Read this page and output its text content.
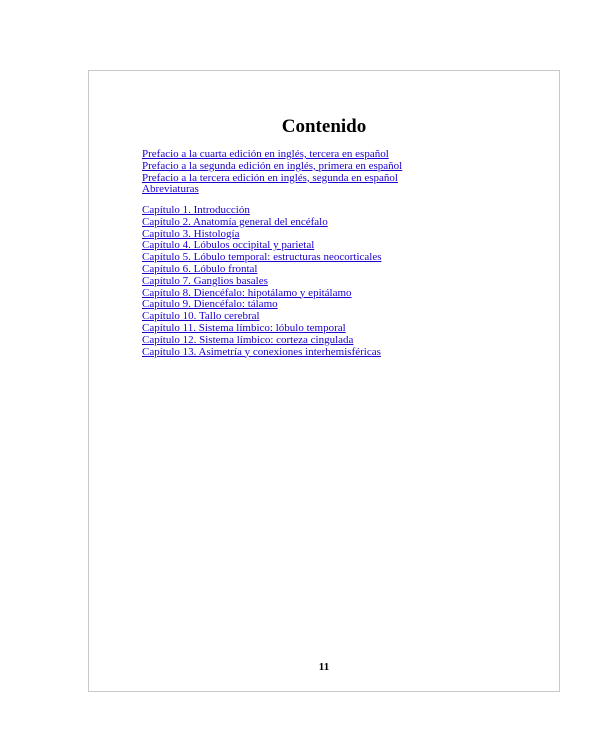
Contenido
Prefacio a la cuarta edición en inglés, tercera en español
Prefacio a la segunda edición en inglés, primera en español
Prefacio a la tercera edición en inglés, segunda en español
Abreviaturas
Capítulo 1. Introducción
Capítulo 2. Anatomía general del encéfalo
Capítulo 3. Histología
Capítulo 4. Lóbulos occipital y parietal
Capítulo 5. Lóbulo temporal: estructuras neocorticales
Capítulo 6. Lóbulo frontal
Capítulo 7. Ganglios basales
Capítulo 8. Diencéfalo: hipotálamo y epitálamo
Capítulo 9. Diencéfalo: tálamo
Capítulo 10. Tallo cerebral
Capítulo 11. Sistema límbico: lóbulo temporal
Capítulo 12. Sistema límbico: corteza cingulada
Capítulo 13. Asimetría y conexiones interhemisféricas
11
